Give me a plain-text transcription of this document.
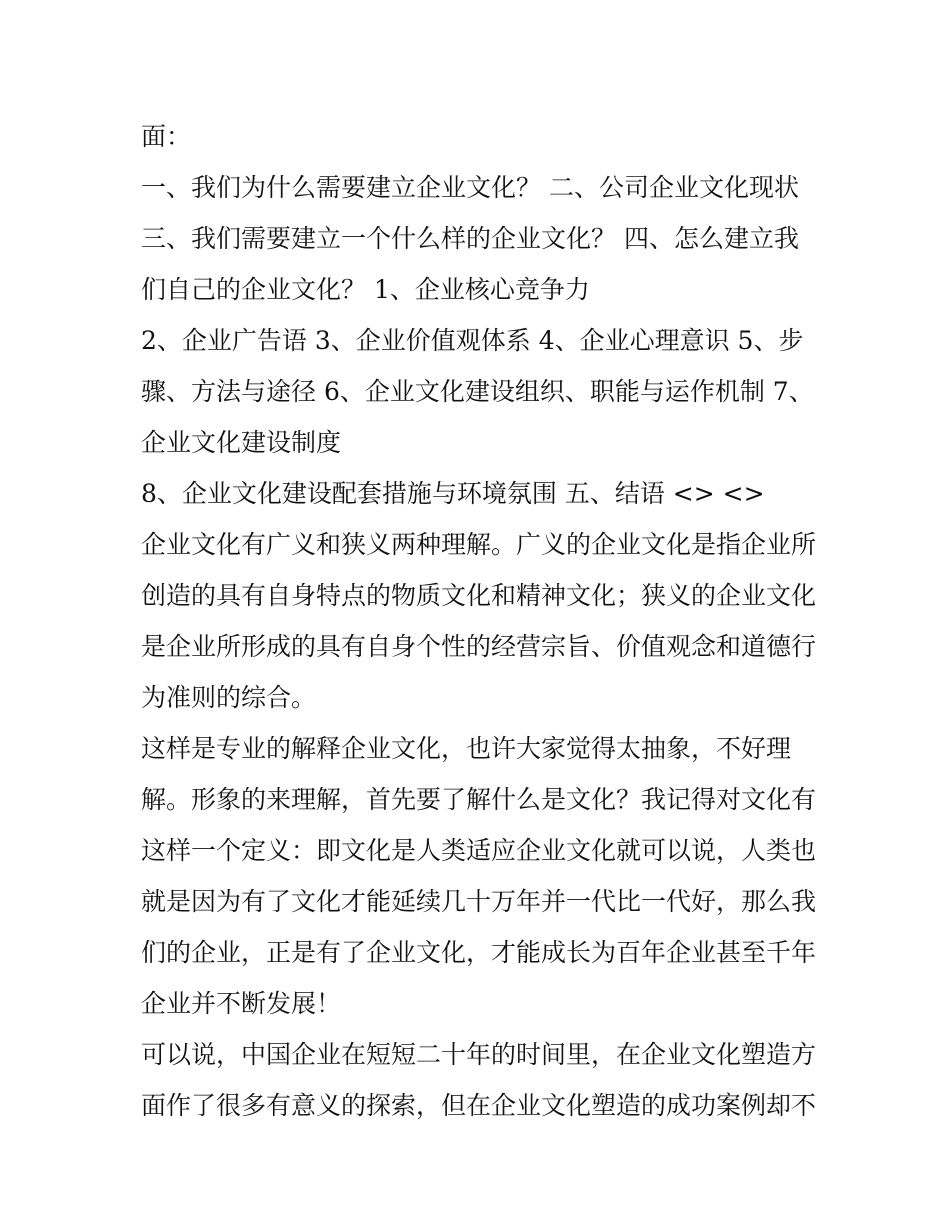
面：

一、我们为什么需要建立企业文化？ 二、公司企业文化现状

三、我们需要建立一个什么样的企业文化？ 四、怎么建立我

们自己的企业文化？ 1、企业核心竞争力

2、企业广告语 3、企业价值观体系 4、企业心理意识 5、步

骤、方法与途径 6、企业文化建设组织、职能与运作机制 7、

企业文化建设制度

8、企业文化建设配套措施与环境氛围 五、结语 <> <>

企业文化有广义和狭义两种理解。广义的企业文化是指企业所

创造的具有自身特点的物质文化和精神文化；狭义的企业文化

是企业所形成的具有自身个性的经营宗旨、价值观念和道德行

为准则的综合。

这样是专业的解释企业文化，也许大家觉得太抽象，不好理

解。形象的来理解，首先要了解什么是文化？我记得对文化有

这样一个定义：即文化是人类适应企业文化就可以说，人类也

就是因为有了文化才能延续几十万年并一代比一代好，那么我

们的企业，正是有了企业文化，才能成长为百年企业甚至千年

企业并不断发展！

可以说，中国企业在短短二十年的时间里，在企业文化塑造方

面作了很多有意义的探索，但在企业文化塑造的成功案例却不
